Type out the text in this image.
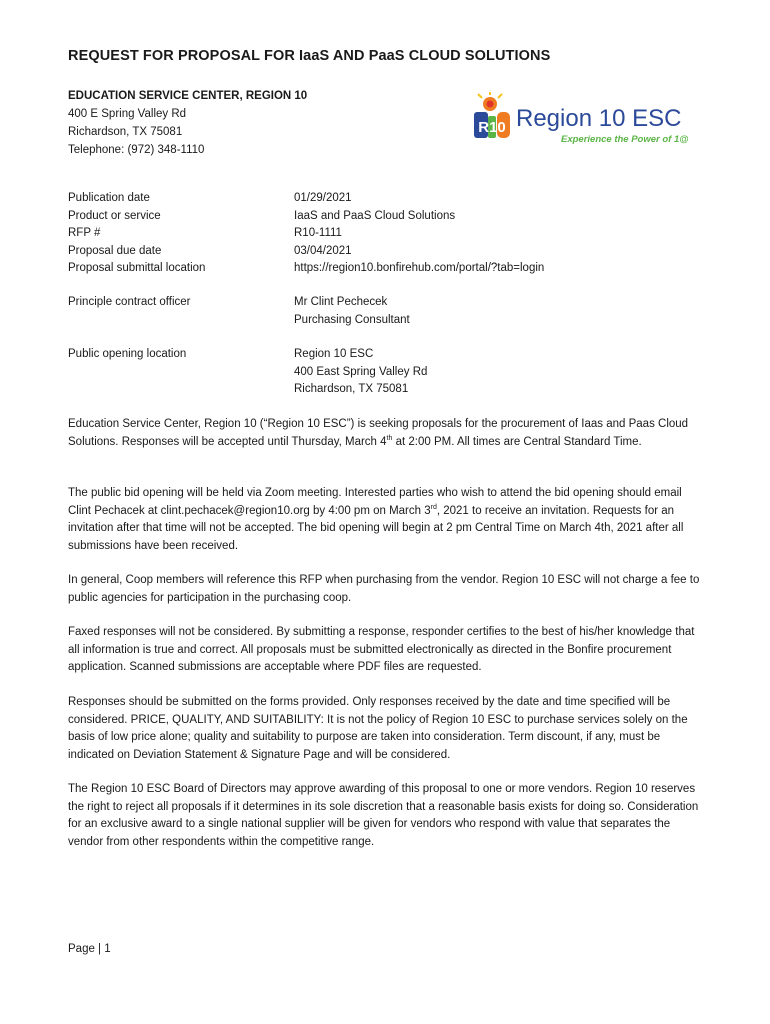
REQUEST FOR PROPOSAL FOR IaaS AND PaaS CLOUD SOLUTIONS
EDUCATION SERVICE CENTER, REGION 10
400 E Spring Valley Rd
Richardson, TX 75081
Telephone: (972) 348-1110
R10 Region 10 ESC
Experience the Power of 1@
Publication date	01/29/2021
Product or service	IaaS and PaaS Cloud Solutions
RFP #	R10-1111
Proposal due date	03/04/2021
Proposal submittal location	https://region10.bonfirehub.com/portal/?tab=login
Principle contract officer	Mr Clint Pechecek
Purchasing Consultant
Public opening location	Region 10 ESC
400 East Spring Valley Rd
Richardson, TX 75081
Education Service Center, Region 10 (“Region 10 ESC”) is seeking proposals for the procurement of Iaas and Paas Cloud Solutions. Responses will be accepted until Thursday, March 4th at 2:00 PM. All times are Central Standard Time.
The public bid opening will be held via Zoom meeting. Interested parties who wish to attend the bid opening should email Clint Pechacek at clint.pechacek@region10.org by 4:00 pm on March 3rd, 2021 to receive an invitation. Requests for an invitation after that time will not be accepted. The bid opening will begin at 2 pm Central Time on March 4th, 2021 after all submissions have been received.
In general, Coop members will reference this RFP when purchasing from the vendor. Region 10 ESC will not charge a fee to public agencies for participation in the purchasing coop.
Faxed responses will not be considered. By submitting a response, responder certifies to the best of his/her knowledge that all information is true and correct. All proposals must be submitted electronically as directed in the Bonfire procurement application. Scanned submissions are acceptable where PDF files are requested.
Responses should be submitted on the forms provided. Only responses received by the date and time specified will be considered. PRICE, QUALITY, AND SUITABILITY: It is not the policy of Region 10 ESC to purchase services solely on the basis of low price alone; quality and suitability to purpose are taken into consideration. Term discount, if any, must be indicated on Deviation Statement & Signature Page and will be considered.
The Region 10 ESC Board of Directors may approve awarding of this proposal to one or more vendors. Region 10 reserves the right to reject all proposals if it determines in its sole discretion that a reasonable basis exists for doing so. Consideration for an exclusive award to a single national supplier will be given for vendors who respond with value that separates the vendor from other respondents within the competitive range.
Page | 1
